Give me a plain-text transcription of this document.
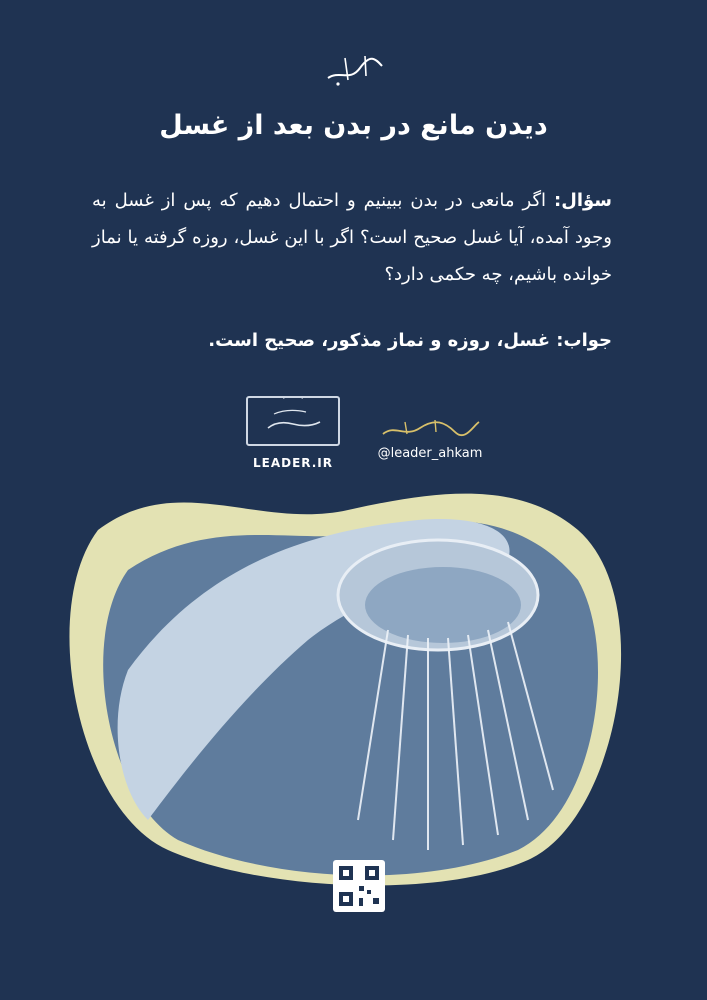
دیدن مانع در بدن بعد از غسل
سؤال: اگر مانعی در بدن ببینیم و احتمال دهیم که پس از غسل به وجود آمده، آیا غسل صحیح است؟ اگر با این غسل، روزه گرفته یا نماز خوانده باشیم، چه حکمی دارد؟
جواب: غسل، روزه و نماز مذکور، صحیح است.
LEADER.IR
@leader_ahkam
